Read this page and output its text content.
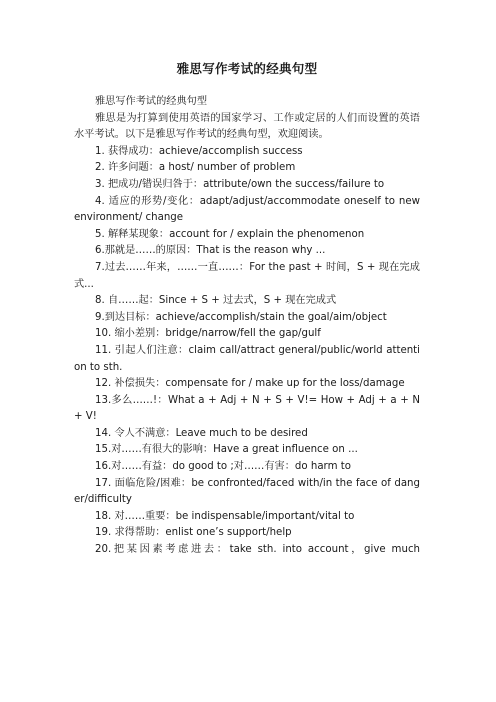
雅思写作考试的经典句型

雅思写作考试的经典句型

雅思是为打算到使用英语的国家学习、工作或定居的人们而设置的英语水平考试。以下是雅思写作考试的经典句型，欢迎阅读。

1. 获得成功：achieve/accomplish success

2. 许多问题：a host/ number of problem

3. 把成功/错误归咎于：attribute/own the success/failure to

4. 适应的形势/变化：adapt/adjust/accommodate oneself to new environment/ change

5. 解释某现象：account for / explain the phenomenon

6.那就是……的原因：That is the reason why ...

7.过去……年来，……一直……：For the past + 时间，S + 现在完成式...

8. 自……起：Since + S + 过去式，S + 现在完成式

9.到达目标：achieve/accomplish/stain the goal/aim/object

10. 缩小差别：bridge/narrow/fell the gap/gulf

11. 引起人们注意：claim call/attract general/public/world attention to sth.

12. 补偿损失：compensate for / make up for the loss/damage

13.多么……!：What a + Adj + N + S + V!= How + Adj + a + N + V!

14. 令人不满意：Leave much to be desired

15.对……有很大的影响：Have a great influence on ...

16.对……有益：do good to ;对……有害：do harm to

17. 面临危险/困难：be confronted/faced with/in the face of danger/difficulty

18. 对……重要：be indispensable/important/vital to

19. 求得帮助：enlist one’s support/help

20.把某因素考虑进去：take sth. into account，give much
